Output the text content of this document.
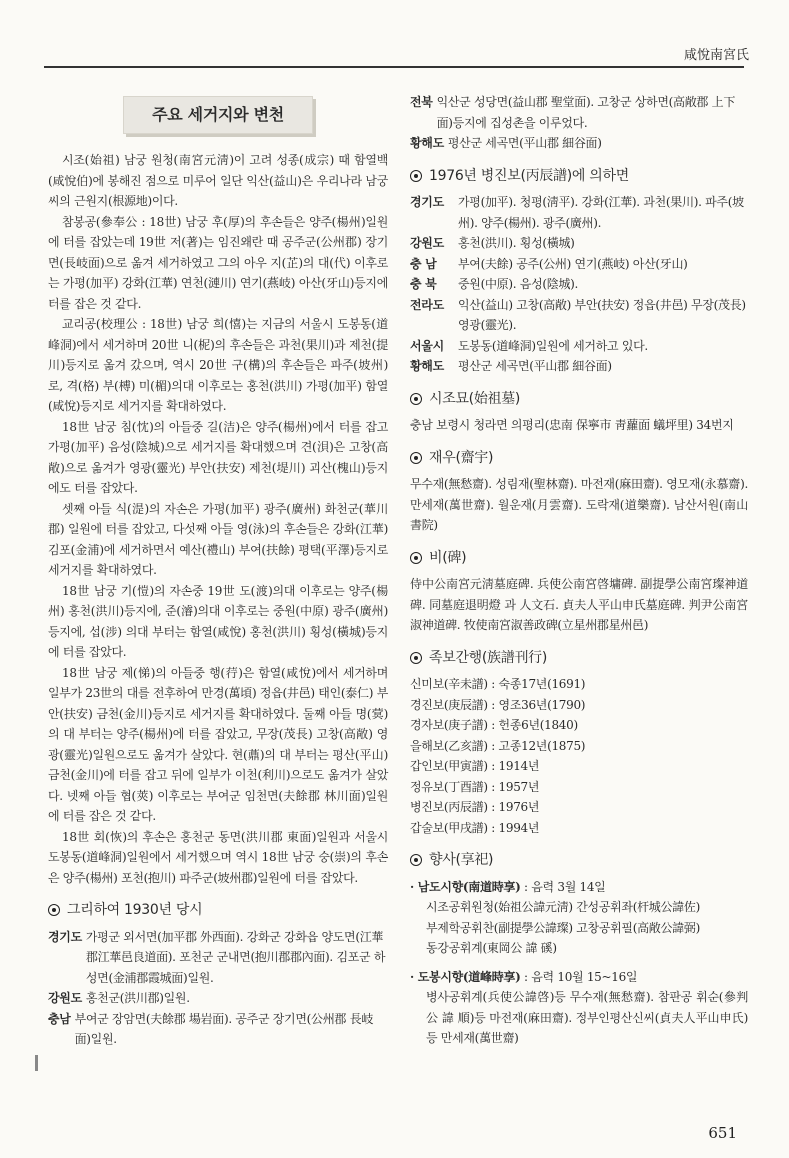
咸悅南宮氏
주요 세거지와 변천

시조(始祖) 남궁 원청(南宮元淸)이 고려 성종(成宗) 때 함열백(咸悅伯)에 봉해진 점으로 미루어 일단 익산(益山)은 우리나라 남궁씨의 근원지(根源地)이다.

참봉공(參奉公 : 18世) 남궁 후(厚)의 후손들은 양주(楊州)일원에 터를 잡았는데 19世 저(著)는 임진왜란 때 공주군(公州郡) 장기면(長岐面)으로 옮겨 세거하였고 그의 아우 지(芷)의 대(代) 이후로는 가평(加平) 강화(江華) 연천(漣川) 연기(燕岐) 아산(牙山)등지에 터를 잡은 것 같다.

교리공(校理公 : 18世) 남궁 희(憘)는 지금의 서울시 도봉동(道峰洞)에서 세거하며 20世 니(柅)의 후손들은 과천(果川)과 제천(提川)등지로 옮겨 갔으며, 역시 20世 구(構)의 후손들은 파주(坡州)로, 격(格) 부(榑) 미(楣)의대 이후로는 홍천(洪川) 가평(加平) 함열(咸悅)등지로 세거지를 확대하였다.

18世 남궁 침(忱)의 아들중 길(洁)은 양주(楊州)에서 터를 잡고 가평(加平) 음성(陰城)으로 세거지를 확대했으며 견(浿)은 고창(高敞)으로 옮겨가 영광(靈光) 부안(扶安) 제천(堤川) 괴산(槐山)등지에도 터를 잡았다.

셋째 아들 식(湜)의 자손은 가평(加平) 광주(廣州) 화천군(華川郡) 일원에 터를 잡았고, 다섯째 아들 영(泳)의 후손들은 강화(江華) 김포(金浦)에 세거하면서 예산(禮山) 부여(扶餘) 평택(平澤)등지로 세거지를 확대하였다.

18世 남궁 기(愷)의 자손중 19世 도(渡)의대 이후로는 양주(楊州) 홍천(洪川)등지에, 준(濬)의대 이후로는 중원(中原) 광주(廣州) 등지에, 섭(涉) 의대 부터는 함열(咸悅) 홍천(洪川) 횡성(橫城)등지에 터를 잡았다.

18世 남궁 제(悌)의 아들중 행(荇)은 함열(咸悅)에서 세거하며 일부가 23世의 대를 전후하여 만경(萬頃) 정읍(井邑) 태인(泰仁) 부안(扶安) 금천(金川)등지로 세거지를 확대하였다. 둘째 아들 명(蓂)의 대 부터는 양주(楊州)에 터를 잡았고, 무장(茂長) 고창(高敞) 영광(靈光)일원으로도 옮겨가 살았다. 현(薡)의 대 부터는 평산(平山) 금천(金川)에 터를 잡고 뒤에 일부가 이천(利川)으로도 옮겨가 살았다. 넷째 아들 협(莢) 이후로는 부여군 임천면(夫餘郡 林川面)일원에 터를 잡은 것 같다.

18世 회(恢)의 후손은 홍천군 동면(洪川郡 東面)일원과 서울시 도봉동(道峰洞)일원에서 세거했으며 역시 18世 남궁 숭(崇)의 후손은 양주(楊州) 포천(抱川) 파주군(坡州郡)일원에 터를 잡았다.

그리하여 1930년 당시
경기도 가평군 외서면(加平郡 外西面). 강화군 강화읍 양도면(江華郡江華邑良道面). 포천군 군내면(抱川郡郡內面). 김포군 하성면(金浦郡霞城面)일원.
강원도 홍천군(洪川郡)일원.
충남 부여군 장암면(夫餘郡 場岩面). 공주군 장기면(公州郡 長岐面)일원.
전북 익산군 성당면(益山郡 聖堂面). 고창군 상하면(高敞郡 上下面)등지에 집성촌을 이루었다.
황해도 평산군 세곡면(平山郡 細谷面)
1976년 병진보(丙辰譜)에 의하면
경기도	가평(加平). 청평(淸平). 강화(江華). 과천(果川). 파주(坡州). 양주(楊州). 광주(廣州).
강원도	홍천(洪川). 횡성(橫城)
충 남	부여(夫餘) 공주(公州) 연기(燕岐) 아산(牙山)
충 북	중원(中原). 음성(陰城).
전라도	익산(益山) 고창(高敞) 부안(扶安) 정읍(井邑) 무장(茂長) 영광(靈光).
서울시	도봉동(道峰洞)일원에 세거하고 있다.
황해도	평산군 세곡면(平山郡 細谷面)
시조묘(始祖墓)

충남 보령시 청라면 의평리(忠南 保寧市 靑蘿面 蟻坪里) 34번지

재우(齋宇)

무수재(無愁齋). 성림재(聖林齋). 마전재(麻田齋). 영모재(永慕齋). 만세재(萬世齋). 월운재(月雲齋). 도락재(道樂齋). 남산서원(南山書院)

비(碑)

侍中公南宮元淸墓庭碑. 兵使公南宮啓墉碑. 副提學公南宮璨神道碑. 同墓庭退明燈 과 人文石. 貞夫人平山申氏墓庭碑. 判尹公南宮淑神道碑. 牧使南宮淑善政碑(立星州郡星州邑)

족보간행(族譜刊行)
신미보(辛未譜) : 숙종17년(1691)
경진보(庚辰譜) : 영조36년(1790)
경자보(庚子譜) : 헌종6년(1840)
을해보(乙亥譜) : 고종12년(1875)
갑인보(甲寅譜) : 1914년
정유보(丁酉譜) : 1957년
병진보(丙辰譜) : 1976년
갑술보(甲戌譜) : 1994년
향사(享祀)
· 남도시향(南道時享) : 음력 3월 14일
시조공휘원청(始祖公諱元淸) 간성공휘좌(杆城公諱佐)
부제학공휘찬(副提學公諱璨) 고창공휘필(高敞公諱弼)
동강공휘계(東岡公 諱 磎)
· 도봉시향(道峰時享) : 음력 10월 15~16일

병사공휘계(兵使公諱啓)등 무수재(無愁齋). 참판공 휘순(參判公 諱 順)등 마전재(麻田齋). 정부인평산신씨(貞夫人平山申氏)등 만세재(萬世齋)

651
